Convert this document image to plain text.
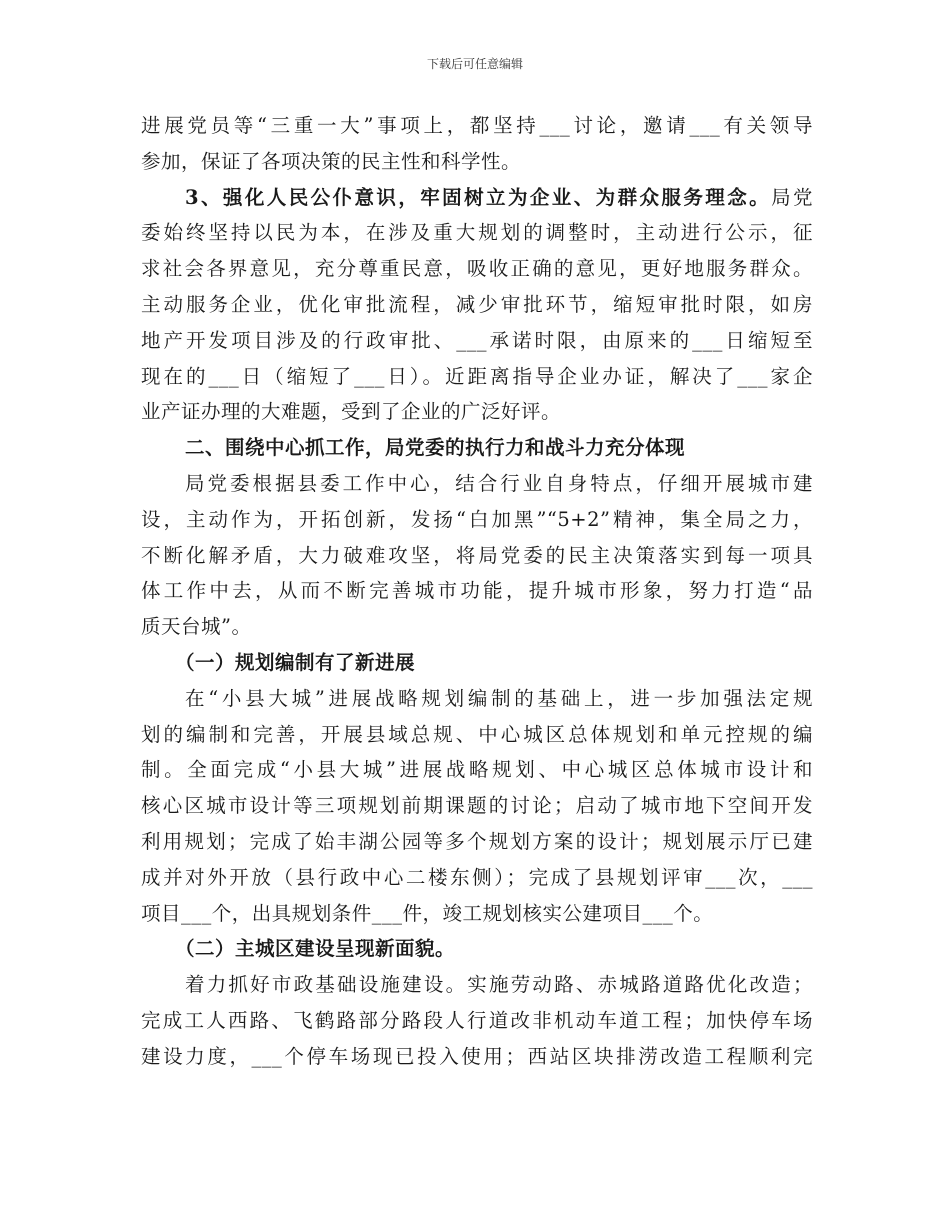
下载后可任意编辑
进展党员等“三重一大”事项上，都坚持___讨论，邀请___有关领导
参加，保证了各项决策的民主性和科学性。
3、强化人民公仆意识，牢固树立为企业、为群众服务理念。局党
委始终坚持以民为本，在涉及重大规划的调整时，主动进行公示，征
求社会各界意见，充分尊重民意，吸收正确的意见，更好地服务群众。
主动服务企业，优化审批流程，减少审批环节，缩短审批时限，如房
地产开发项目涉及的行政审批、___承诺时限，由原来的___日缩短至
现在的___日（缩短了___日）。近距离指导企业办证，解决了___家企
业产证办理的大难题，受到了企业的广泛好评。
二、围绕中心抓工作，局党委的执行力和战斗力充分体现
局党委根据县委工作中心，结合行业自身特点，仔细开展城市建
设，主动作为，开拓创新，发扬“白加黑”“5+2”精神，集全局之力，
不断化解矛盾，大力破难攻坚，将局党委的民主决策落实到每一项具
体工作中去，从而不断完善城市功能，提升城市形象，努力打造“品
质天台城”。
（一）规划编制有了新进展
在“小县大城”进展战略规划编制的基础上，进一步加强法定规
划的编制和完善，开展县域总规、中心城区总体规划和单元控规的编
制。全面完成“小县大城”进展战略规划、中心城区总体城市设计和
核心区城市设计等三项规划前期课题的讨论；启动了城市地下空间开发
利用规划；完成了始丰湖公园等多个规划方案的设计；规划展示厅已建
成并对外开放（县行政中心二楼东侧）；完成了县规划评审___次，___
项目___个，出具规划条件___件，竣工规划核实公建项目___个。
（二）主城区建设呈现新面貌。
着力抓好市政基础设施建设。实施劳动路、赤城路道路优化改造；
完成工人西路、飞鹤路部分路段人行道改非机动车道工程；加快停车场
建设力度，___个停车场现已投入使用；西站区块排涝改造工程顺利完
